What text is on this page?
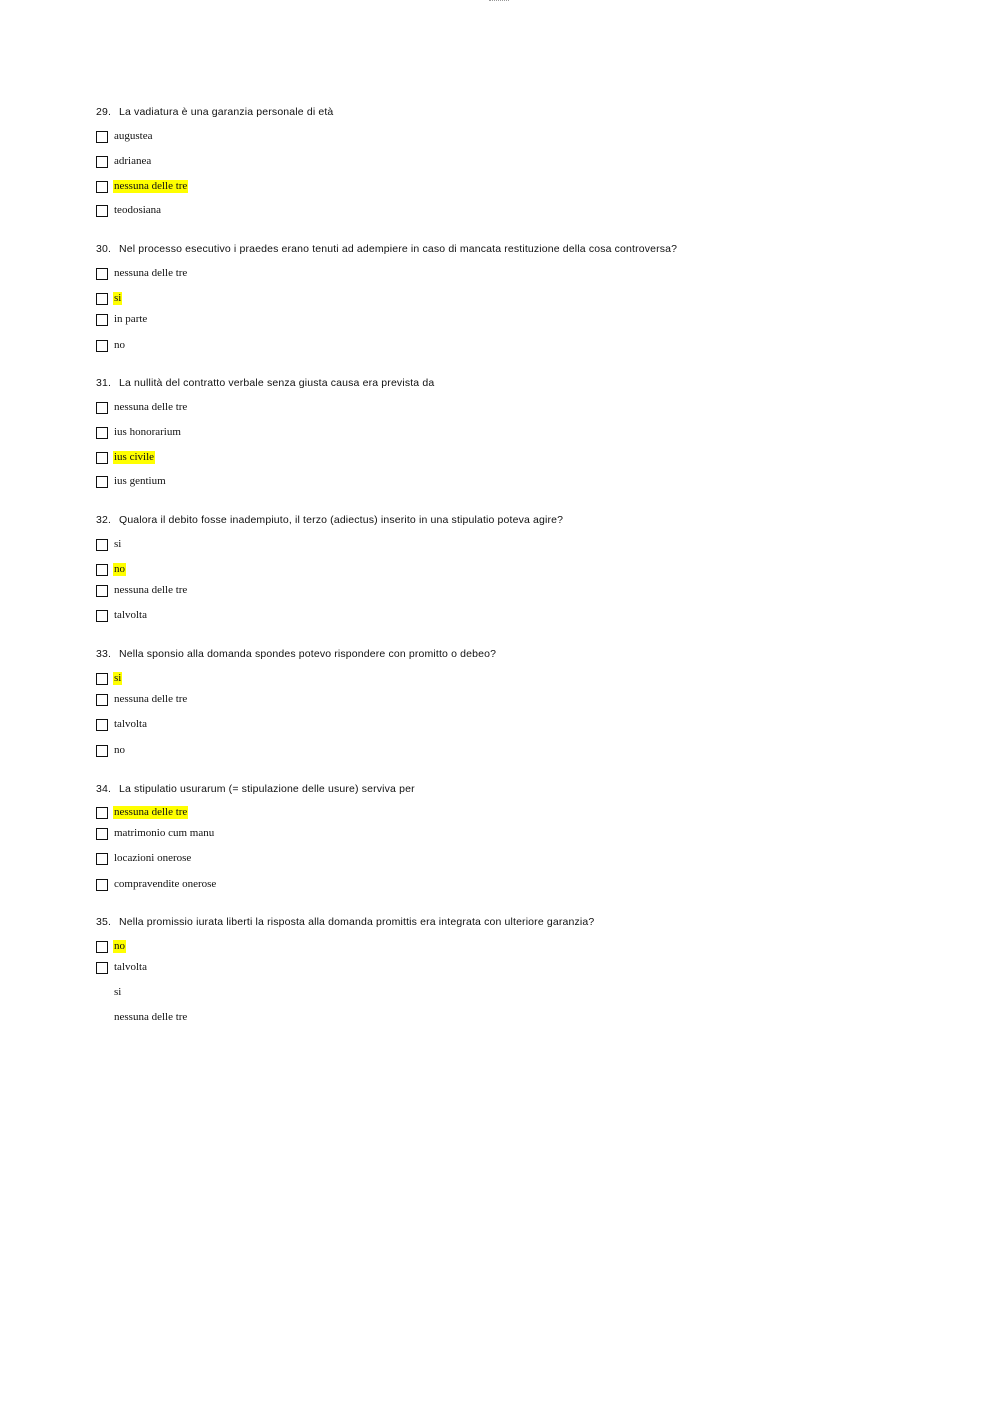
29. La vadiatura è una garanzia personale di età
augustea
adrianea
nessuna delle tre
teodosiana
30. Nel processo esecutivo i praedes erano tenuti ad adempiere in caso di mancata restituzione della cosa controversa?
nessuna delle tre
si
in parte
no
31. La nullità del contratto verbale senza giusta causa era prevista da
nessuna delle tre
ius honorarium
ius civile
ius gentium
32. Qualora il debito fosse inadempiuto, il terzo (adiectus) inserito in una stipulatio poteva agire?
si
no
nessuna delle tre
talvolta
33. Nella sponsio alla domanda spondes potevo rispondere con promitto o debeo?
si
nessuna delle tre
talvolta
no
34. La stipulatio usurarum (= stipulazione delle usure) serviva per
nessuna delle tre
matrimonio cum manu
locazioni onerose
compravendite onerose
35. Nella promissio iurata liberti la risposta alla domanda promittis era integrata con ulteriore garanzia?
no
talvolta
si
nessuna delle tre
